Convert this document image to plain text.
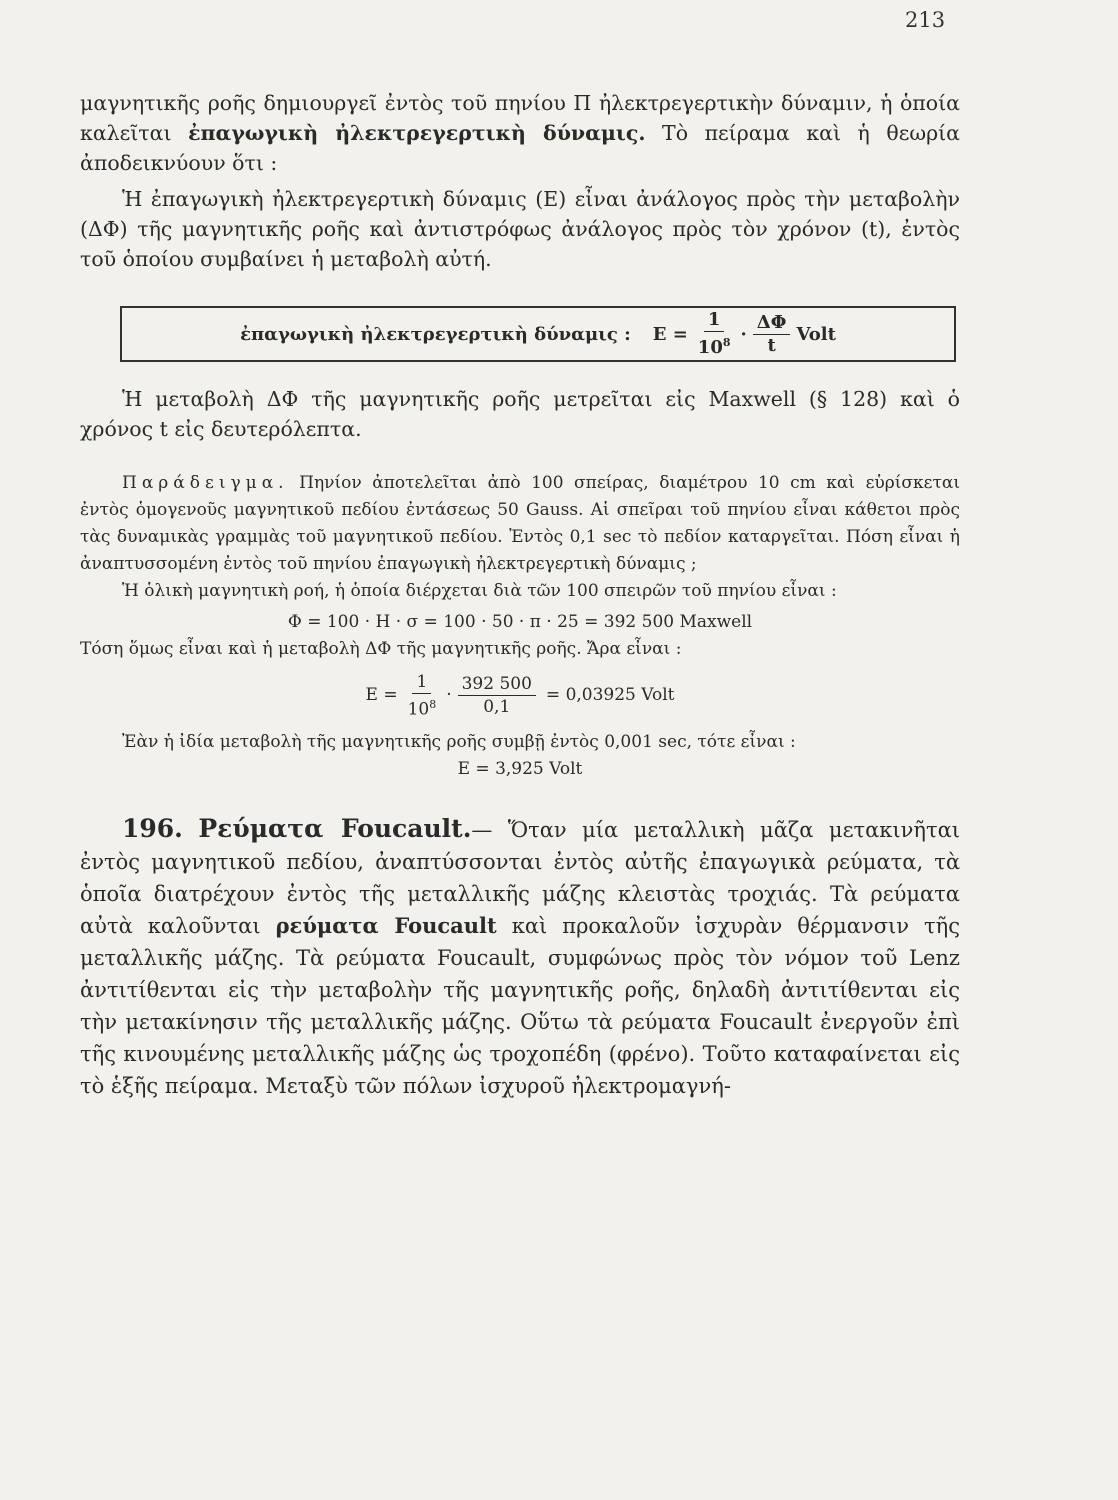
213

μαγνητικῆς ροῆς δημιουργεῖ ἐντὸς τοῦ πηνίου Π ἠλεκτρεγερτικὴν δύναμιν, ἡ ὁποία καλεῖται ἐπαγωγικὴ ἠλεκτρεγερτικὴ δύναμις. Τὸ πείραμα καὶ ἡ θεωρία ἀποδεικνύουν ὅτι :

Ἡ ἐπαγωγικὴ ἠλεκτρεγερτικὴ δύναμις (Ε) εἶναι ἀνάλογος πρὸς τὴν μεταβολὴν (ΔΦ) τῆς μαγνητικῆς ροῆς καὶ ἀντιστρόφως ἀνάλογος πρὸς τὸν χρόνον (t), ἐντὸς τοῦ ὁποίου συμβαίνει ἡ μεταβολὴ αὐτή.

ἐπαγωγικὴ ἠλεκτρεγερτικὴ δύναμις : $E = \frac{1}{10^8} \cdot \frac{\Delta\Phi}{t}$ Volt

Ἡ μεταβολὴ ΔΦ τῆς μαγνητικῆς ροῆς μετρεῖται εἰς Maxwell (§ 128) καὶ ὁ χρόνος t εἰς δευτερόλεπτα.

Παράδειγμα. Πηνίον ἀποτελεῖται ἀπὸ 100 σπείρας, διαμέτρου 10 cm καὶ εὑρίσκεται ἐντὸς ὁμογενοῦς μαγνητικοῦ πεδίου ἐντάσεως 50 Gauss. Αἱ σπεῖραι τοῦ πηνίου εἶναι κάθετοι πρὸς τὰς δυναμικὰς γραμμὰς τοῦ μαγνητικοῦ πεδίου. Ἐντὸς 0,1 sec τὸ πεδίον καταργεῖται. Πόση εἶναι ἡ ἀναπτυσσομένη ἐντὸς τοῦ πηνίου ἐπαγωγικὴ ἠλεκτρεγερτικὴ δύναμις ;

Ἡ ὁλικὴ μαγνητικὴ ροή, ἡ ὁποία διέρχεται διὰ τῶν 100 σπειρῶν τοῦ πηνίου εἶναι :

Φ = 100 · Η · σ = 100 · 50 · π · 25 = 392 500 Maxwell

Τόση ὅμως εἶναι καὶ ἡ μεταβολὴ ΔΦ τῆς μαγνητικῆς ροῆς. Ἄρα εἶναι :

$E = \frac{1}{10^8} \cdot \frac{392 500}{0,1} = 0,03925$ Volt

Ἐὰν ἡ ἰδία μεταβολὴ τῆς μαγνητικῆς ροῆς συμβῇ ἐντὸς 0,001 sec, τότε εἶναι :

E = 3,925 Volt

196. Ρεύματα Foucault.— Ὅταν μία μεταλλικὴ μᾶζα μετακινῆται ἐντὸς μαγνητικοῦ πεδίου, ἀναπτύσσονται ἐντὸς αὐτῆς ἐπαγωγικὰ ρεύματα, τὰ ὁποῖα διατρέχουν ἐντὸς τῆς μεταλλικῆς μάζης κλειστὰς τροχιάς. Τὰ ρεύματα αὐτὰ καλοῦνται ρεύματα Foucault καὶ προκαλοῦν ἰσχυρὰν θέρμανσιν τῆς μεταλλικῆς μάζης. Τὰ ρεύματα Foucault, συμφώνως πρὸς τὸν νόμον τοῦ Lenz ἀντιτίθενται εἰς τὴν μεταβολὴν τῆς μαγνητικῆς ροῆς, δηλαδὴ ἀντιτίθενται εἰς τὴν μετακίνησιν τῆς μεταλλικῆς μάζης. Οὕτω τὰ ρεύματα Foucault ἐνεργοῦν ἐπὶ τῆς κινουμένης μεταλλικῆς μάζης ὡς τροχοπέδη (φρένο). Τοῦτο καταφαίνεται εἰς τὸ ἑξῆς πείραμα. Μεταξὺ τῶν πόλων ἰσχυροῦ ἠλεκτρομαγνή-
